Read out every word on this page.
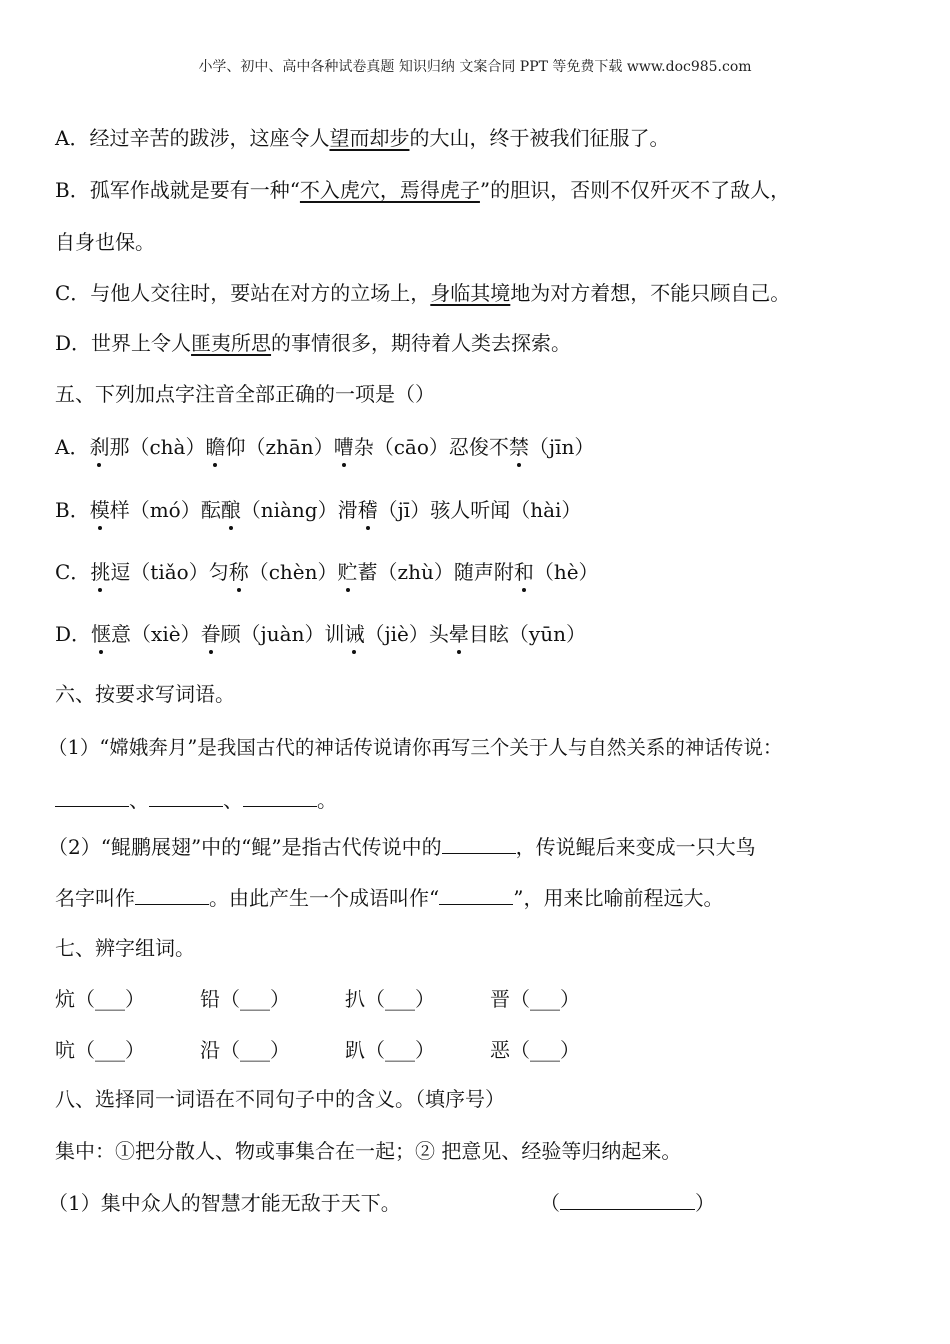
小学、初中、高中各种试卷真题 知识归纳 文案合同 PPT 等免费下载 www.doc985.com
A．经过辛苦的跋涉，这座令人望而却步的大山，终于被我们征服了。
B．孤军作战就是要有一种“不入虎穴，焉得虎子”的胆识，否则不仅歼灭不了敌人，
自身也保。
C．与他人交往时，要站在对方的立场上，身临其境地为对方着想，不能只顾自己。
D．世界上令人匪夷所思的事情很多，期待着人类去探索。
五、下列加点字注音全部正确的一项是（）
A．刹那（chà）瞻仰（zhān）嘈杂（cāo）忍俊不禁（jīn）
B．模样（mó）酝酿（niàng）滑稽（jī）骇人听闻（hài）
C．挑逗（tiǎo）匀称（chèn）贮蓄（zhù）随声附和（hè）
D．惬意（xiè）眷顾（juàn）训诫（jiè）头晕目眩（yūn）
六、按要求写词语。
（1）“嫦娥奔月”是我国古代的神话传说请你再写三个关于人与自然关系的神话传说：
、	、	。
（2）“鲲鹏展翅”中的“鲲”是指古代传说中的	，传说鲲后来变成一只大鸟
名字叫作	。由此产生一个成语叫作“	”，用来比喻前程远大。
七、辨字组词。
炕（___）	铅（___）	扒（___）	晋（___）
吭（___）	沿（___）	趴（___）	恶（___）
八、选择同一词语在不同句子中的含义。（填序号）
集中：①把分散人、物或事集合在一起；② 把意见、经验等归纳起来。
（1）集中众人的智慧才能无敌于天下。	（	）
